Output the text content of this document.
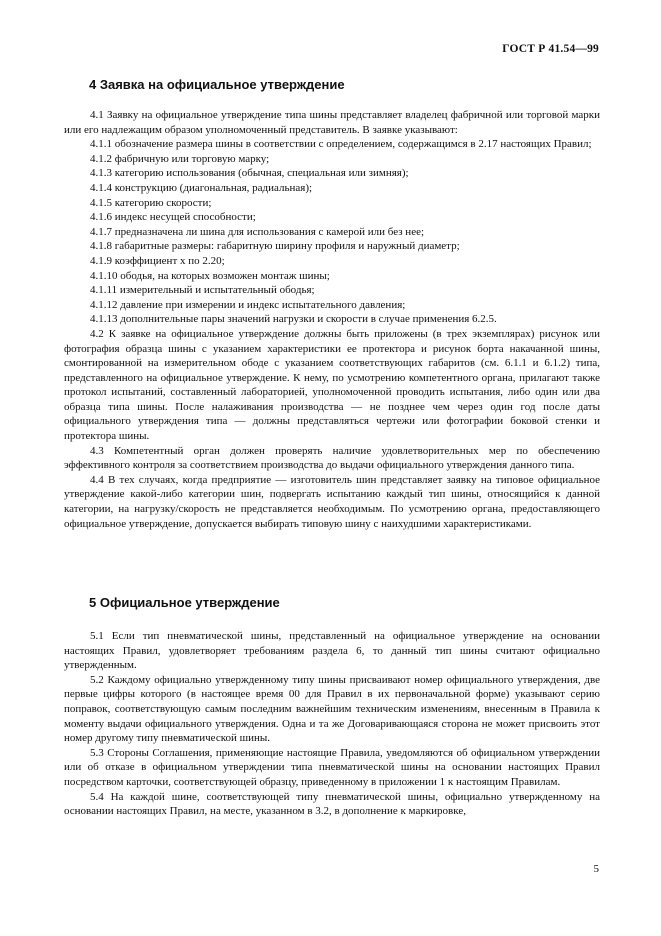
ГОСТ Р 41.54—99
4 Заявка на официальное утверждение

4.1 Заявку на официальное утверждение типа шины представляет владелец фабричной или торговой марки или его надлежащим образом уполномоченный представитель. В заявке указывают:

4.1.1 обозначение размера шины в соответствии с определением, содержащимся в 2.17 настоящих Правил;

4.1.2 фабричную или торговую марку;

4.1.3 категорию использования (обычная, специальная или зимняя);

4.1.4 конструкцию (диагональная, радиальная);

4.1.5 категорию скорости;

4.1.6 индекс несущей способности;

4.1.7 предназначена ли шина для использования с камерой или без нее;

4.1.8 габаритные размеры: габаритную ширину профиля и наружный диаметр;

4.1.9 коэффициент x по 2.20;

4.1.10 ободья, на которых возможен монтаж шины;

4.1.11 измерительный и испытательный ободья;

4.1.12 давление при измерении и индекс испытательного давления;

4.1.13 дополнительные пары значений нагрузки и скорости в случае применения 6.2.5.

4.2 К заявке на официальное утверждение должны быть приложены (в трех экземплярах) рисунок или фотография образца шины с указанием характеристики ее протектора и рисунок борта накачанной шины, смонтированной на измерительном ободе с указанием соответствующих габаритов (см. 6.1.1 и 6.1.2) типа, представленного на официальное утверждение. К нему, по усмотрению компетентного органа, прилагают также протокол испытаний, составленный лабораторией, уполномоченной проводить испытания, либо один или два образца типа шины. После налаживания производства — не позднее чем через один год после даты официального утверждения типа — должны представляться чертежи или фотографии боковой стенки и протектора шины.

4.3 Компетентный орган должен проверять наличие удовлетворительных мер по обеспечению эффективного контроля за соответствием производства до выдачи официального утверждения данного типа.

4.4 В тех случаях, когда предприятие — изготовитель шин представляет заявку на типовое официальное утверждение какой-либо категории шин, подвергать испытанию каждый тип шины, относящийся к данной категории, на нагрузку/скорость не представляется необходимым. По усмотрению органа, предоставляющего официальное утверждение, допускается выбирать типовую шину с наихудшими характеристиками.

5 Официальное утверждение

5.1 Если тип пневматической шины, представленный на официальное утверждение на основании настоящих Правил, удовлетворяет требованиям раздела 6, то данный тип шины считают официально утвержденным.

5.2 Каждому официально утвержденному типу шины присваивают номер официального утверждения, две первые цифры которого (в настоящее время 00 для Правил в их первоначальной форме) указывают серию поправок, соответствующую самым последним важнейшим техническим изменениям, внесенным в Правила к моменту выдачи официального утверждения. Одна и та же Договаривающаяся сторона не может присвоить этот номер другому типу пневматической шины.

5.3 Стороны Соглашения, применяющие настоящие Правила, уведомляются об официальном утверждении или об отказе в официальном утверждении типа пневматической шины на основании настоящих Правил посредством карточки, соответствующей образцу, приведенному в приложении 1 к настоящим Правилам.

5.4 На каждой шине, соответствующей типу пневматической шины, официально утвержденному на основании настоящих Правил, на месте, указанном в 3.2, в дополнение к маркировке,

5
